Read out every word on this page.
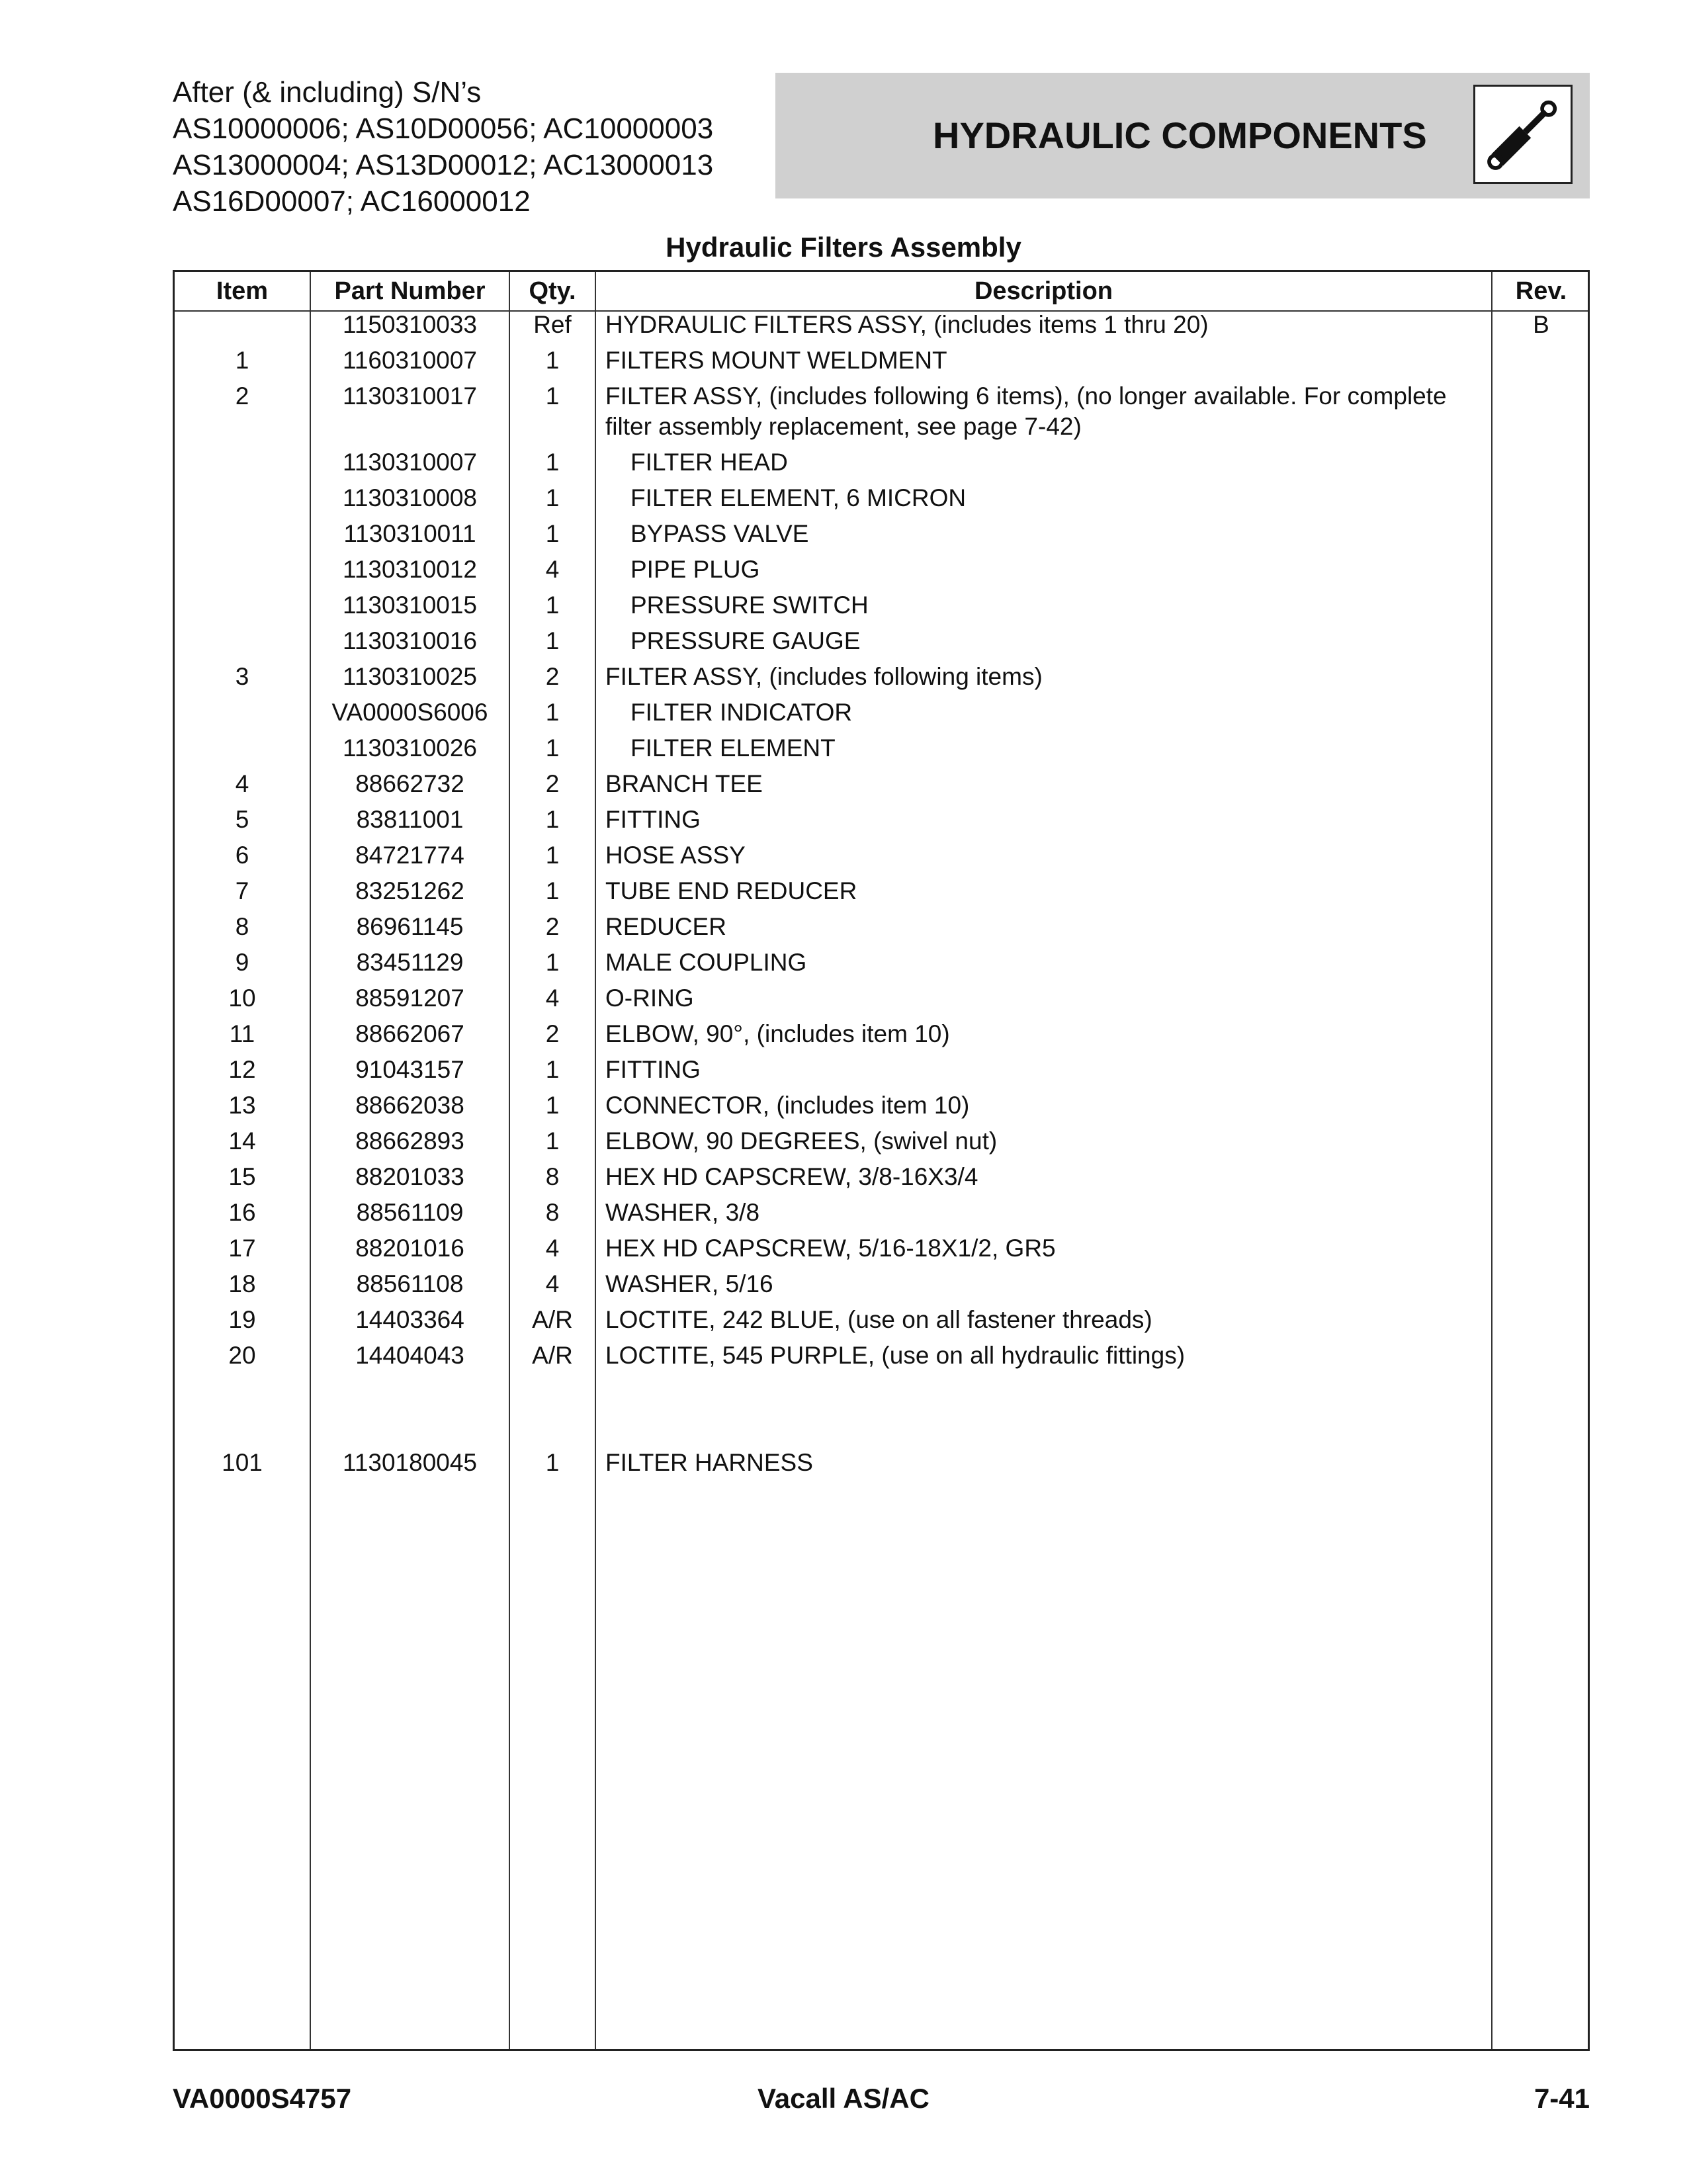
After (& including) S/N’s
AS10000006; AS10D00056; AC10000003
AS13000004; AS13D00012; AC13000013
AS16D00007; AC16000012
HYDRAULIC COMPONENTS
Hydraulic Filters Assembly
Item	Part Number	Qty.	Description	Rev.
1150310033	Ref	HYDRAULIC FILTERS ASSY, (includes items 1 thru 20)	B
1	1160310007	1	FILTERS MOUNT WELDMENT
2	1130310017	1	FILTER ASSY, (includes following 6 items), (no longer available. For complete filter assembly replacement, see page 7-42)
1130310007	1	FILTER HEAD
1130310008	1	FILTER ELEMENT, 6 MICRON
1130310011	1	BYPASS VALVE
1130310012	4	PIPE PLUG
1130310015	1	PRESSURE SWITCH
1130310016	1	PRESSURE GAUGE
3	1130310025	2	FILTER ASSY, (includes following items)
VA0000S6006	1	FILTER INDICATOR
1130310026	1	FILTER ELEMENT
4	88662732	2	BRANCH TEE
5	83811001	1	FITTING
6	84721774	1	HOSE ASSY
7	83251262	1	TUBE END REDUCER
8	86961145	2	REDUCER
9	83451129	1	MALE COUPLING
10	88591207	4	O-RING
11	88662067	2	ELBOW, 90°, (includes item 10)
12	91043157	1	FITTING
13	88662038	1	CONNECTOR, (includes item 10)
14	88662893	1	ELBOW, 90 DEGREES, (swivel nut)
15	88201033	8	HEX HD CAPSCREW, 3/8-16X3/4
16	88561109	8	WASHER, 3/8
17	88201016	4	HEX HD CAPSCREW, 5/16-18X1/2, GR5
18	88561108	4	WASHER, 5/16
19	14403364	A/R	LOCTITE, 242 BLUE, (use on all fastener threads)
20	14404043	A/R	LOCTITE, 545 PURPLE, (use on all hydraulic fittings)
101	1130180045	1	FILTER HARNESS
VA0000S4757	Vacall AS/AC	7-41
